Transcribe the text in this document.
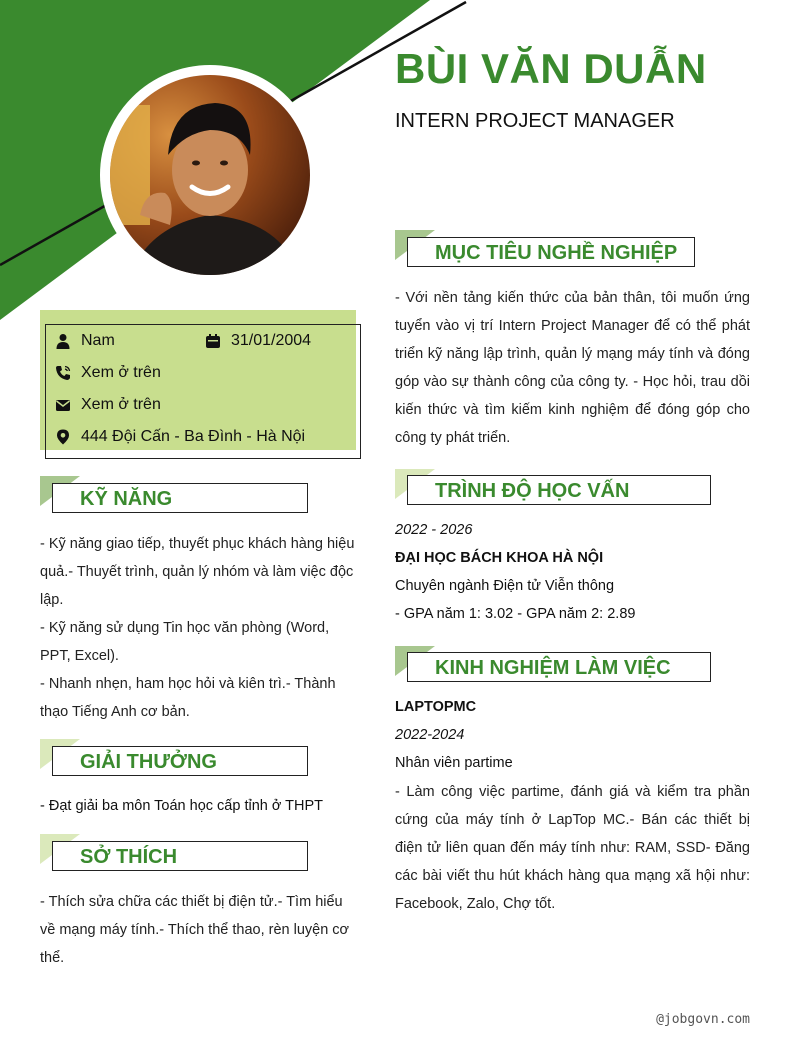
BÙI VĂN DUẪN
INTERN PROJECT MANAGER
Nam	31/01/2004
Xem ở trên
Xem ở trên
444 Đội Cấn - Ba Đình - Hà Nội
KỸ NĂNG
- Kỹ năng giao tiếp, thuyết phục khách hàng hiệu quả.- Thuyết trình, quản lý nhóm và làm việc độc lập.
- Kỹ năng sử dụng Tin học văn phòng (Word, PPT, Excel).
- Nhanh nhẹn, ham học hỏi và kiên trì.- Thành thạo Tiếng Anh cơ bản.
GIẢI THƯỞNG
- Đạt giải ba môn Toán học cấp tỉnh ở THPT
SỞ THÍCH
- Thích sửa chữa các thiết bị điện tử.- Tìm hiểu về mạng máy tính.- Thích thể thao, rèn luyện cơ thể.
MỤC TIÊU NGHỀ NGHIỆP
- Với nền tảng kiến thức của bản thân, tôi muốn ứng tuyển vào vị trí Intern Project Manager để có thể phát triển kỹ năng lập trình, quản lý mạng máy tính và đóng góp vào sự thành công của công ty. - Học hỏi, trau dồi kiến thức và tìm kiếm kinh nghiệm để đóng góp cho công ty phát triển.
TRÌNH ĐỘ HỌC VẤN
2022 - 2026
ĐẠI HỌC BÁCH KHOA HÀ NỘI
Chuyên ngành Điện tử Viễn thông
- GPA năm 1: 3.02 - GPA năm 2: 2.89
KINH NGHIỆM LÀM VIỆC
LAPTOPMC
2022-2024
Nhân viên partime
- Làm công việc partime, đánh giá và kiểm tra phần cứng của máy tính ở LapTop MC.- Bán các thiết bị điện tử liên quan đến máy tính như: RAM, SSD- Đăng các bài viết thu hút khách hàng qua mạng xã hội như: Facebook, Zalo, Chợ tốt.
@jobgovn.com
